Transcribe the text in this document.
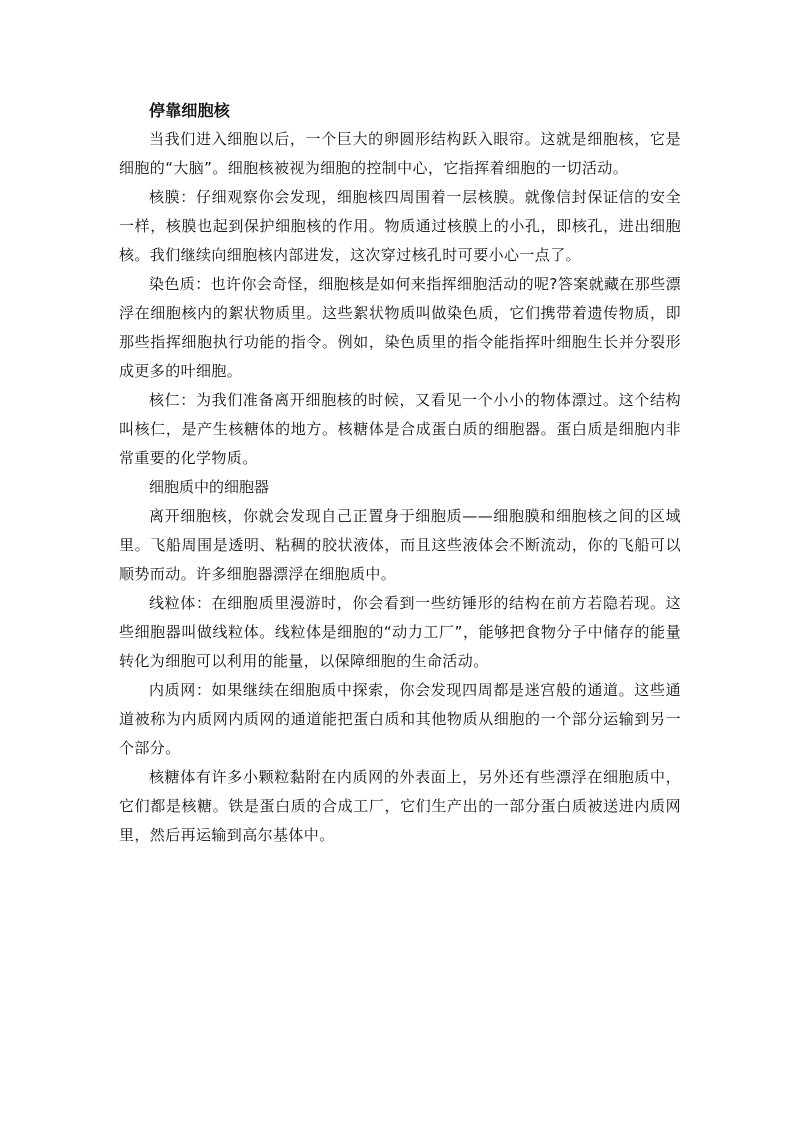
停靠细胞核

当我们进入细胞以后，一个巨大的卵圆形结构跃入眼帘。这就是细胞核，它是细胞的“大脑”。细胞核被视为细胞的控制中心，它指挥着细胞的一切活动。

核膜：仔细观察你会发现，细胞核四周围着一层核膜。就像信封保证信的安全一样，核膜也起到保护细胞核的作用。物质通过核膜上的小孔，即核孔，进出细胞核。我们继续向细胞核内部进发，这次穿过核孔时可要小心一点了。

染色质：也许你会奇怪，细胞核是如何来指挥细胞活动的呢?答案就藏在那些漂浮在细胞核内的絮状物质里。这些絮状物质叫做染色质，它们携带着遗传物质，即那些指挥细胞执行功能的指令。例如，染色质里的指令能指挥叶细胞生长并分裂形成更多的叶细胞。

核仁：为我们准备离开细胞核的时候，又看见一个小小的物体漂过。这个结构叫核仁，是产生核糖体的地方。核糖体是合成蛋白质的细胞器。蛋白质是细胞内非常重要的化学物质。

细胞质中的细胞器

离开细胞核，你就会发现自己正置身于细胞质——细胞膜和细胞核之间的区域里。飞船周围是透明、粘稠的胶状液体，而且这些液体会不断流动，你的飞船可以顺势而动。许多细胞器漂浮在细胞质中。

线粒体：在细胞质里漫游时，你会看到一些纺锤形的结构在前方若隐若现。这些细胞器叫做线粒体。线粒体是细胞的“动力工厂”，能够把食物分子中储存的能量转化为细胞可以利用的能量，以保障细胞的生命活动。

内质网：如果继续在细胞质中探索，你会发现四周都是迷宫般的通道。这些通道被称为内质网内质网的通道能把蛋白质和其他物质从细胞的一个部分运输到另一个部分。

核糖体有许多小颗粒黏附在内质网的外表面上，另外还有些漂浮在细胞质中，它们都是核糖。铁是蛋白质的合成工厂，它们生产出的一部分蛋白质被送进内质网里，然后再运输到高尔基体中。
